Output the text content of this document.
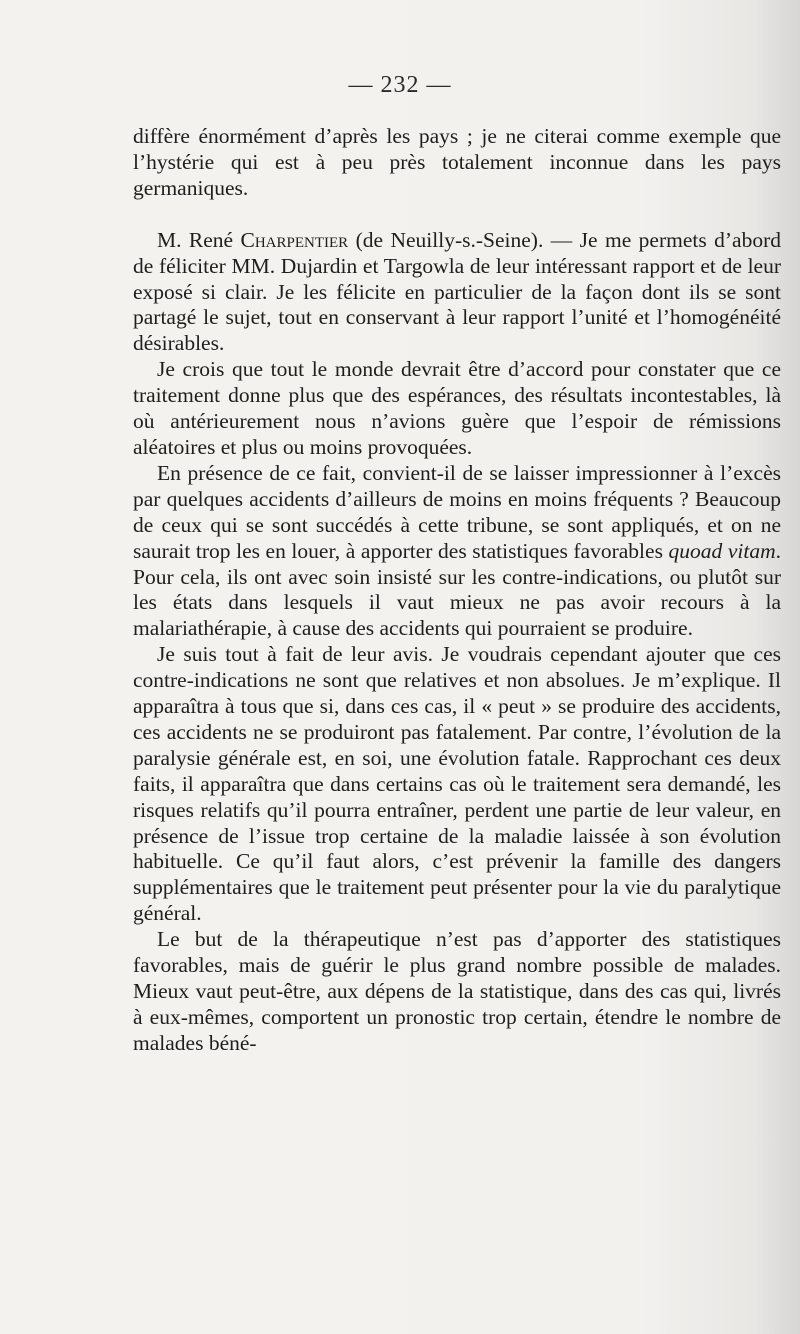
— 232 —

diffère énormément d’après les pays ; je ne citerai comme exemple que l’hystérie qui est à peu près totalement inconnue dans les pays germaniques.

M. René Charpentier (de Neuilly-s.-Seine). — Je me permets d’abord de féliciter MM. Dujardin et Targowla de leur intéressant rapport et de leur exposé si clair. Je les félicite en particulier de la façon dont ils se sont partagé le sujet, tout en conservant à leur rapport l’unité et l’homogénéité désirables.

Je crois que tout le monde devrait être d’accord pour constater que ce traitement donne plus que des espérances, des résultats incontestables, là où antérieurement nous n’avions guère que l’espoir de rémissions aléatoires et plus ou moins provoquées.

En présence de ce fait, convient-il de se laisser impressionner à l’excès par quelques accidents d’ailleurs de moins en moins fréquents ? Beaucoup de ceux qui se sont succédés à cette tribune, se sont appliqués, et on ne saurait trop les en louer, à apporter des statistiques favorables quoad vitam. Pour cela, ils ont avec soin insisté sur les contre-indications, ou plutôt sur les états dans lesquels il vaut mieux ne pas avoir recours à la malariathérapie, à cause des accidents qui pourraient se produire.

Je suis tout à fait de leur avis. Je voudrais cependant ajouter que ces contre-indications ne sont que relatives et non absolues. Je m’explique. Il apparaîtra à tous que si, dans ces cas, il « peut » se produire des accidents, ces accidents ne se produiront pas fatalement. Par contre, l’évolution de la paralysie générale est, en soi, une évolution fatale. Rapprochant ces deux faits, il apparaîtra que dans certains cas où le traitement sera demandé, les risques relatifs qu’il pourra entraîner, perdent une partie de leur valeur, en présence de l’issue trop certaine de la maladie laissée à son évolution habituelle. Ce qu’il faut alors, c’est prévenir la famille des dangers supplémentaires que le traitement peut présenter pour la vie du paralytique général.

Le but de la thérapeutique n’est pas d’apporter des statistiques favorables, mais de guérir le plus grand nombre possible de malades. Mieux vaut peut-être, aux dépens de la statistique, dans des cas qui, livrés à eux-mêmes, comportent un pronostic trop certain, étendre le nombre de malades béné-
